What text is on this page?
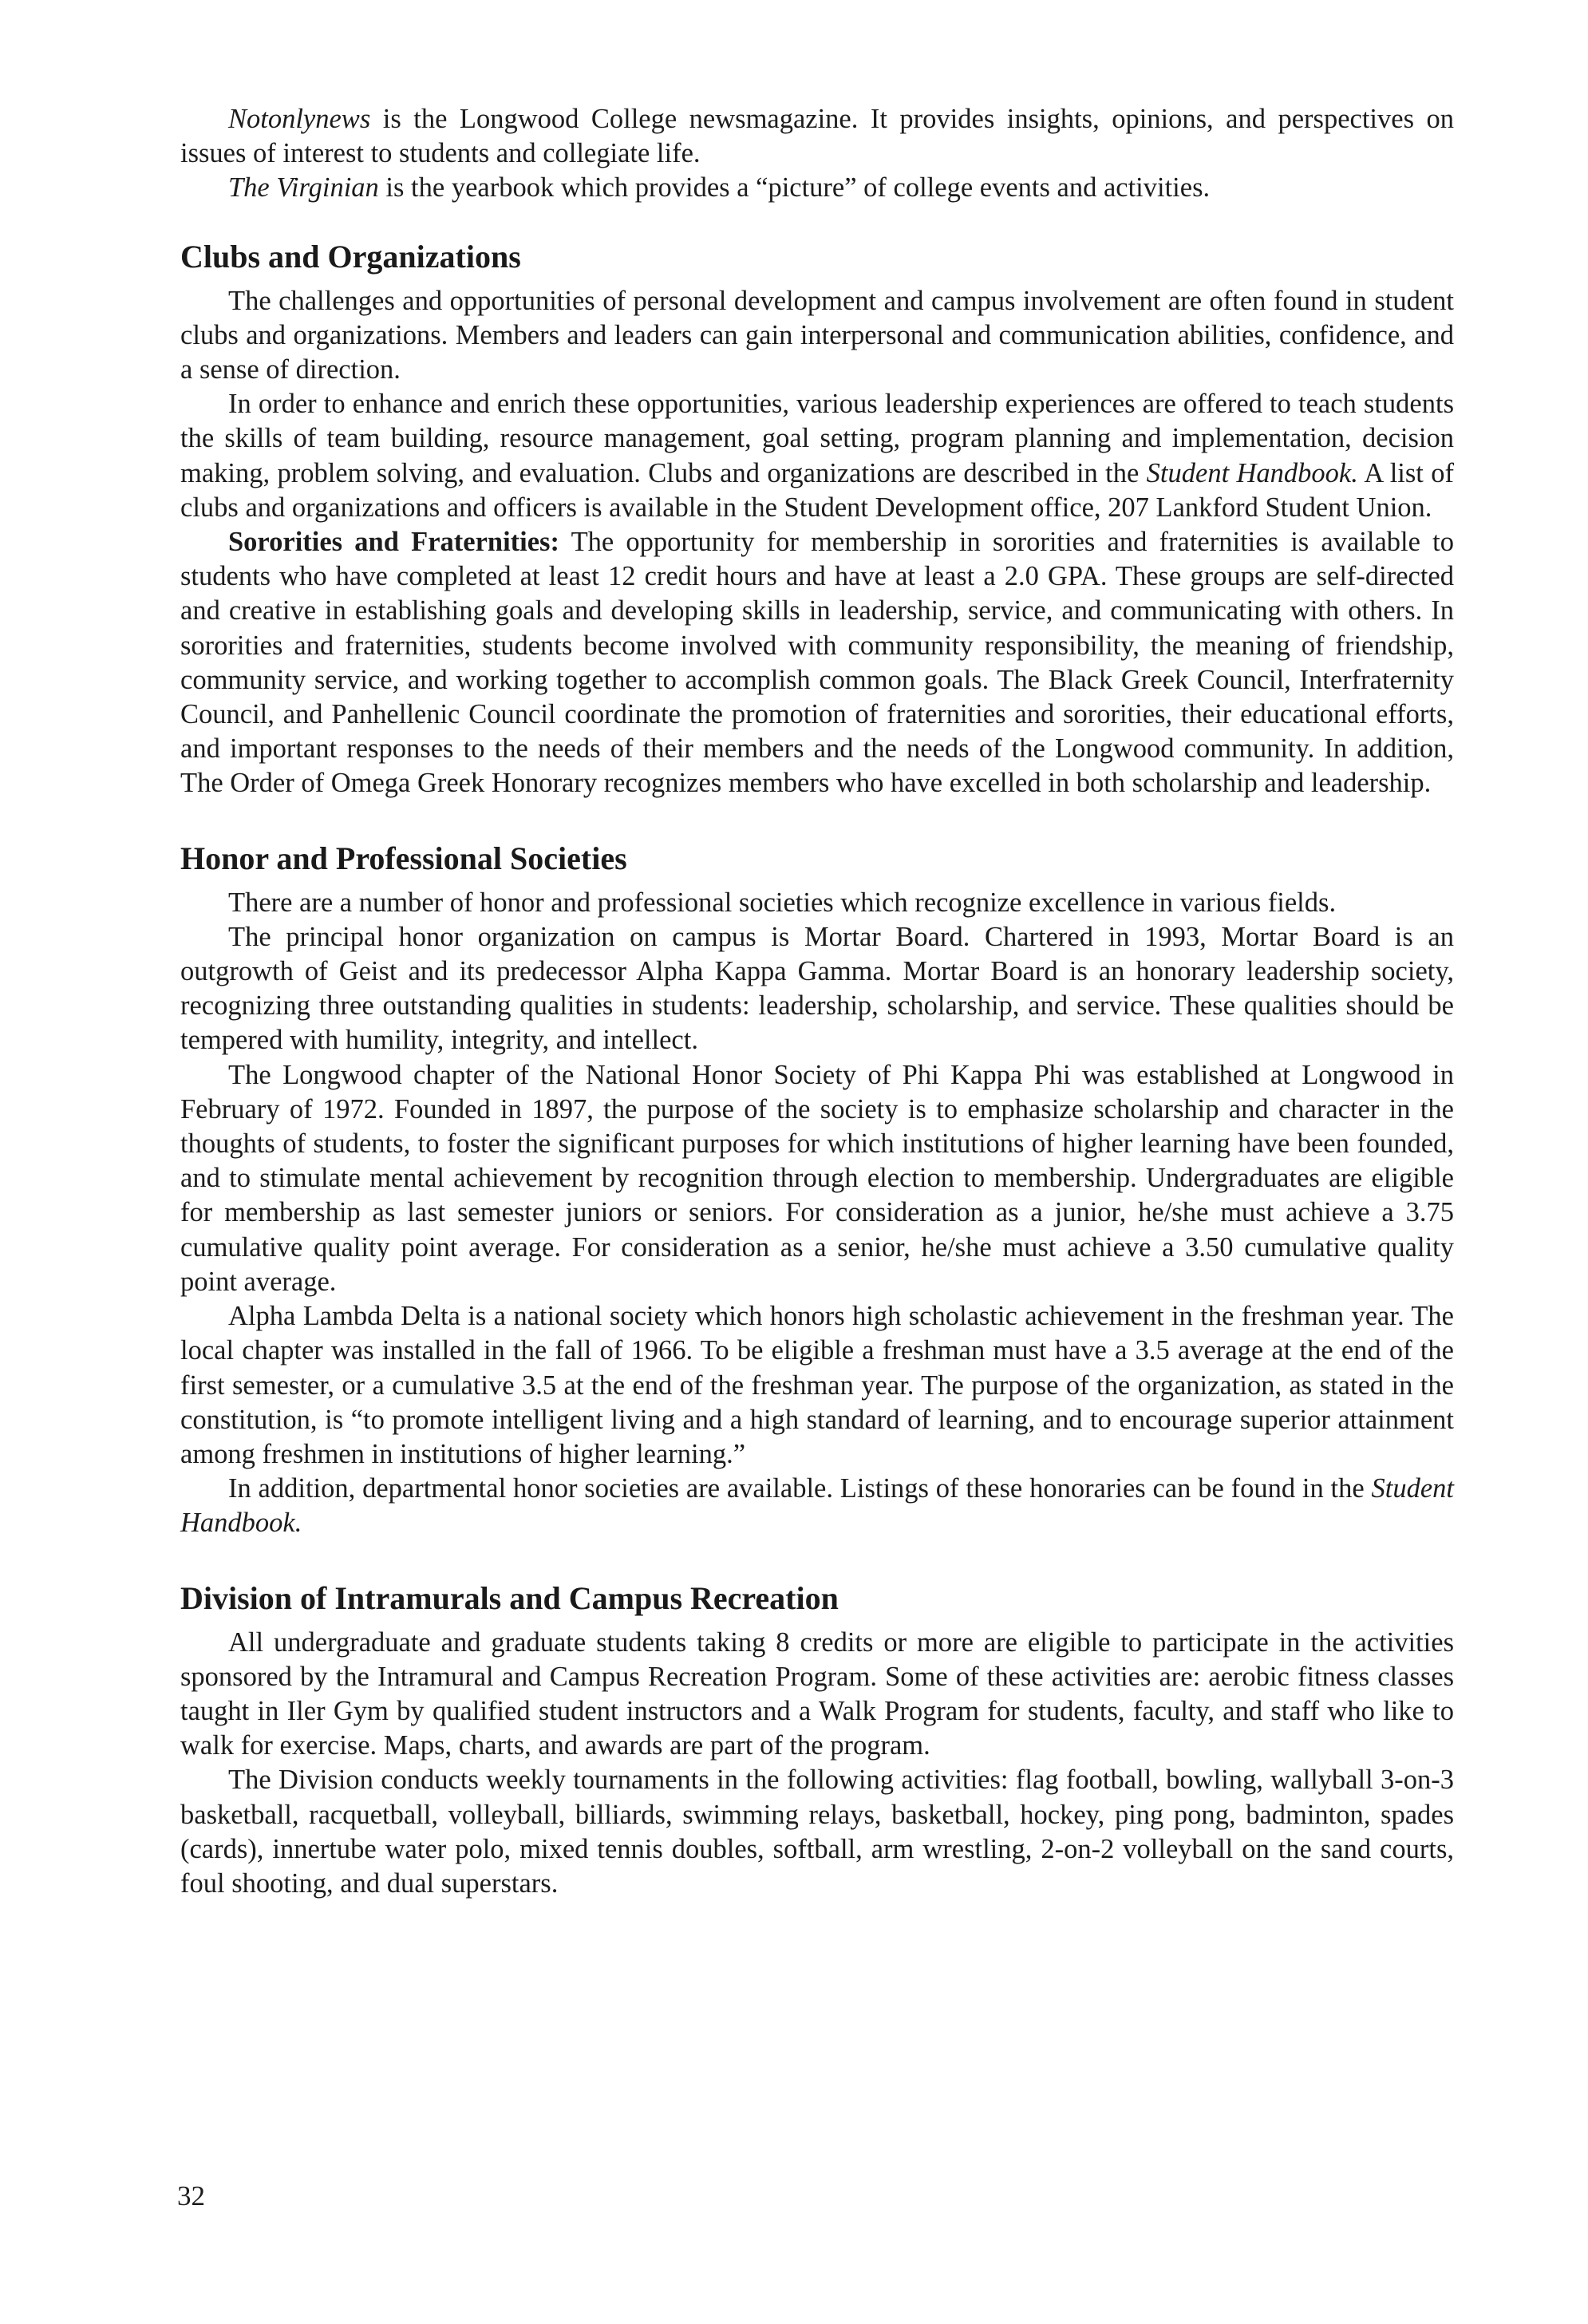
Notonlynews is the Longwood College newsmagazine. It provides insights, opinions, and perspectives on issues of interest to students and collegiate life.

The Virginian is the yearbook which provides a “picture” of college events and activities.

Clubs and Organizations

The challenges and opportunities of personal development and campus involvement are often found in student clubs and organizations. Members and leaders can gain interpersonal and communication abilities, confidence, and a sense of direction.

In order to enhance and enrich these opportunities, various leadership experiences are offered to teach students the skills of team building, resource management, goal setting, program planning and implementation, decision making, problem solving, and evaluation. Clubs and organizations are described in the Student Handbook. A list of clubs and organizations and officers is available in the Student Development office, 207 Lankford Student Union.

Sororities and Fraternities: The opportunity for membership in sororities and fraternities is available to students who have completed at least 12 credit hours and have at least a 2.0 GPA. These groups are self-directed and creative in establishing goals and developing skills in leadership, service, and communicating with others. In sororities and fraternities, students become involved with community responsibility, the meaning of friendship, community service, and working together to accomplish common goals. The Black Greek Council, Interfraternity Council, and Panhellenic Council coordinate the promotion of fraternities and sororities, their educational efforts, and important responses to the needs of their members and the needs of the Longwood community. In addition, The Order of Omega Greek Honorary recognizes members who have excelled in both scholarship and leadership.

Honor and Professional Societies

There are a number of honor and professional societies which recognize excellence in various fields.

The principal honor organization on campus is Mortar Board. Chartered in 1993, Mortar Board is an outgrowth of Geist and its predecessor Alpha Kappa Gamma. Mortar Board is an honorary leadership society, recognizing three outstanding qualities in students: leadership, scholarship, and service. These qualities should be tempered with humility, integrity, and intellect.

The Longwood chapter of the National Honor Society of Phi Kappa Phi was established at Longwood in February of 1972. Founded in 1897, the purpose of the society is to emphasize scholarship and character in the thoughts of students, to foster the significant purposes for which institutions of higher learning have been founded, and to stimulate mental achievement by recognition through election to membership. Undergraduates are eligible for membership as last semester juniors or seniors. For consideration as a junior, he/she must achieve a 3.75 cumulative quality point average. For consideration as a senior, he/she must achieve a 3.50 cumulative quality point average.

Alpha Lambda Delta is a national society which honors high scholastic achievement in the freshman year. The local chapter was installed in the fall of 1966. To be eligible a freshman must have a 3.5 average at the end of the first semester, or a cumulative 3.5 at the end of the freshman year. The purpose of the organization, as stated in the constitution, is “to promote intelligent living and a high standard of learning, and to encourage superior attainment among freshmen in institutions of higher learning.”

In addition, departmental honor societies are available. Listings of these honoraries can be found in the Student Handbook.

Division of Intramurals and Campus Recreation

All undergraduate and graduate students taking 8 credits or more are eligible to participate in the activities sponsored by the Intramural and Campus Recreation Program. Some of these activities are: aerobic fitness classes taught in Iler Gym by qualified student instructors and a Walk Program for students, faculty, and staff who like to walk for exercise. Maps, charts, and awards are part of the program.

The Division conducts weekly tournaments in the following activities: flag football, bowling, wallyball 3-on-3 basketball, racquetball, volleyball, billiards, swimming relays, basketball, hockey, ping pong, badminton, spades (cards), innertube water polo, mixed tennis doubles, softball, arm wrestling, 2-on-2 volleyball on the sand courts, foul shooting, and dual superstars.

32
